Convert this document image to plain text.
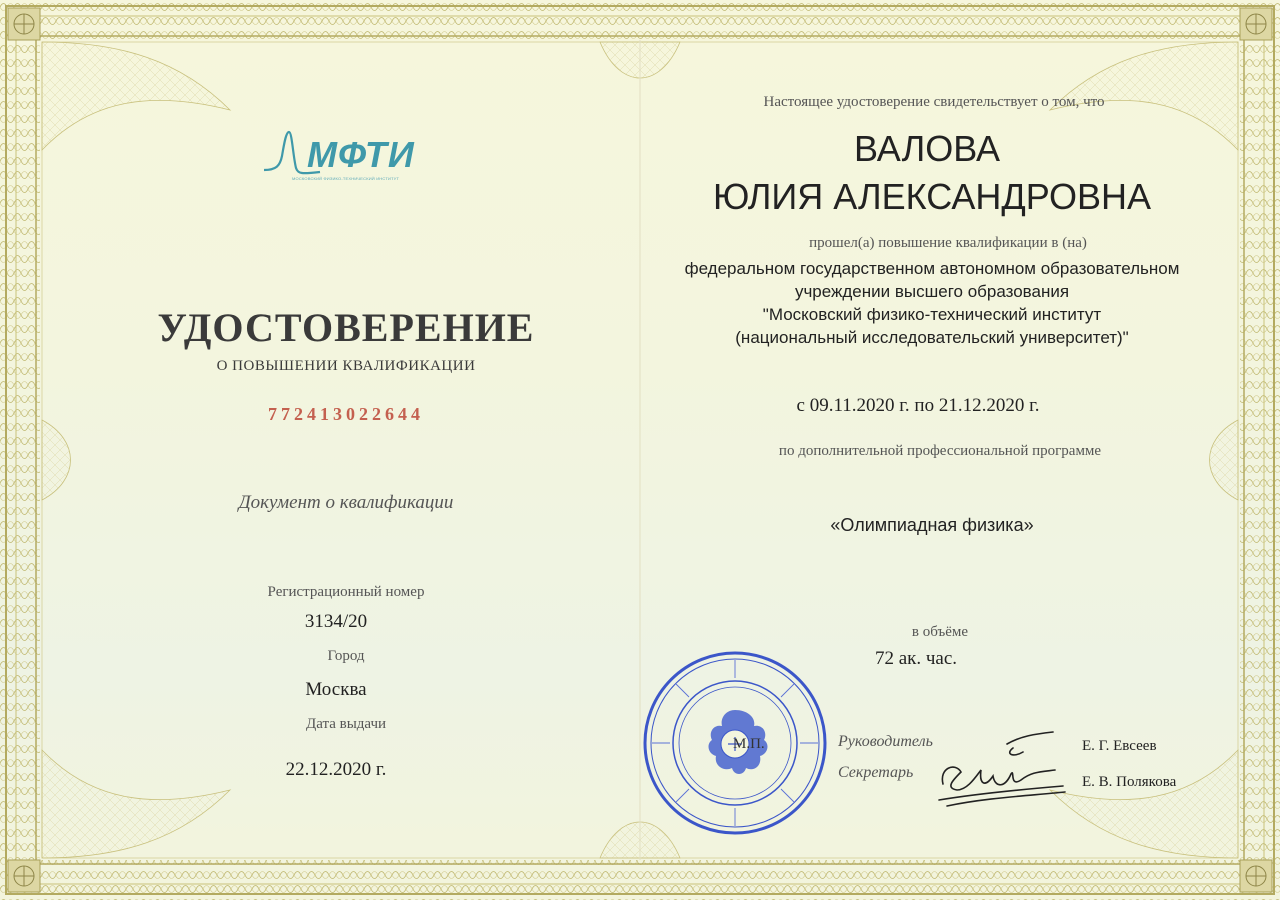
МФТИ
МОСКОВСКИЙ ФИЗИКО-ТЕХНИЧЕСКИЙ ИНСТИТУТ
УДОСТОВЕРЕНИЕ
О ПОВЫШЕНИИ КВАЛИФИКАЦИИ
772413022644
Документ о квалификации
Регистрационный номер
3134/20
Город
Москва
Дата выдачи
22.12.2020 г.
Настоящее удостоверение свидетельствует о том, что
ВАЛОВА
ЮЛИЯ АЛЕКСАНДРОВНА
прошел(а) повышение квалификации в (на)
федеральном государственном автономном образовательном
учреждении высшего образования
"Московский физико-технический институт
(национальный исследовательский университет)"
с 09.11.2020 г. по 21.12.2020 г.
по дополнительной профессиональной программе
«Олимпиадная физика»
в объёме
72 ак. час.
Руководитель
Секретарь
Е. Г. Евсеев
Е. В. Полякова
М.П.
